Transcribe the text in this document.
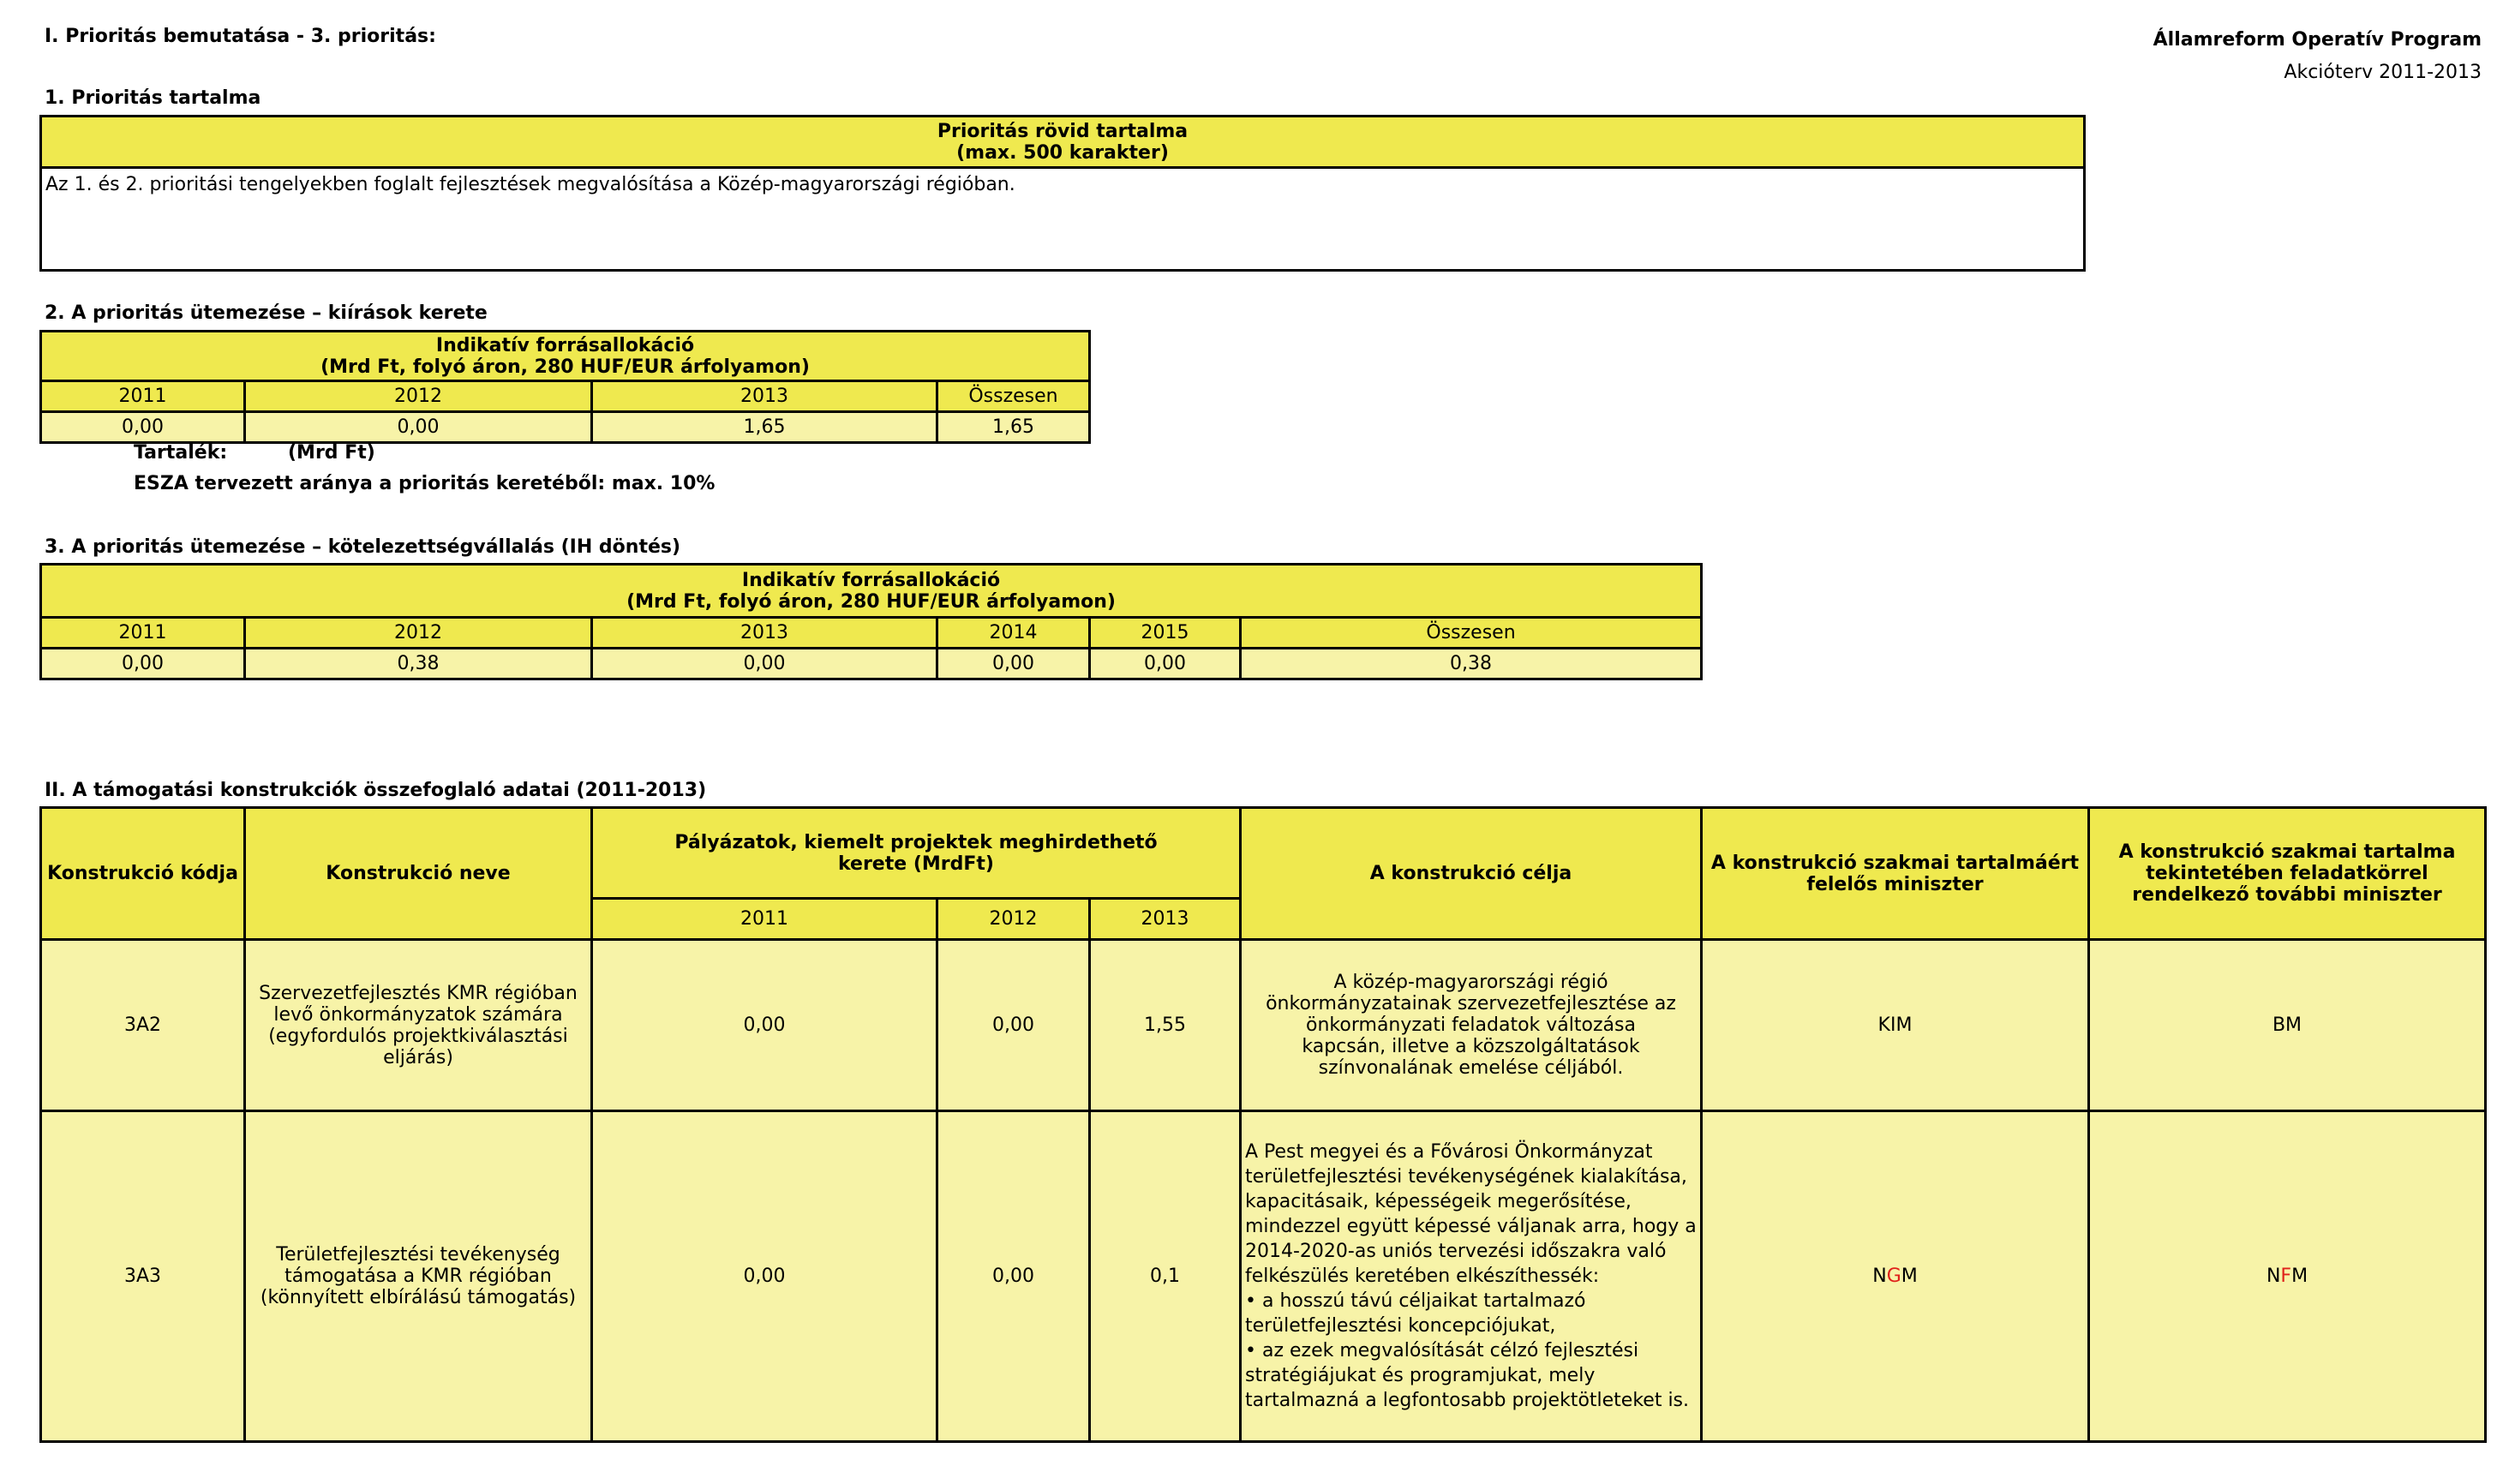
I. Prioritás bemutatása - 3. prioritás:	Államreform Operatív Program
Akcióterv 2011-2013
1. Prioritás tartalma
Prioritás rövid tartalma
(max. 500 karakter)

Az 1. és 2. prioritási tengelyekben foglalt fejlesztések megvalósítása a Közép-magyarországi régióban.
2. A prioritás ütemezése – kiírások kerete
Indikatív forrásallokáció
(Mrd Ft, folyó áron, 280 HUF/EUR árfolyamon)			

2011	2012	2013	Összesen
0,00	0,00	1,65	1,65
Tartalék:	(Mrd Ft)
ESZA tervezett aránya a prioritás keretéből: max. 10%
3. A prioritás ütemezése – kötelezettségvállalás (IH döntés)
Indikatív forrásallokáció
(Mrd Ft, folyó áron, 280 HUF/EUR árfolyamon)					

2011	2012	2013	2014	2015	Összesen
0,00	0,38	0,00	0,00	0,00	0,38
II. A támogatási konstrukciók összefoglaló adatai (2011-2013)
Konstrukció kódja	Konstrukció neve	Pályázatok, kiemelt projektek meghirdethető kerete (MrdFt)			A konstrukció célja	A konstrukció szakmai tartalmáért felelős miniszter	A konstrukció szakmai tartalma tekintetében feladatkörrel rendelkező további miniszter
		2011	2012	2013			
3A2	Szervezetfejlesztés KMR régióban levő önkormányzatok számára (egyfordulós projektkiválasztási eljárás)	0,00	0,00	1,55	A közép-magyarországi régió önkormányzatainak szervezetfejlesztése az önkormányzati feladatok változása kapcsán, illetve a közszolgáltatások színvonalának emelése céljából.	KIM	BM
3A3	Területfejlesztési tevékenység támogatása a KMR régióban (könnyített elbírálású támogatás)	0,00	0,00	0,1	A Pest megyei és a Fővárosi Önkormányzat területfejlesztési tevékenységének kialakítása, kapacitásaik, képességeik megerősítése, mindezzel együtt képessé váljanak arra, hogy a 2014-2020-as uniós tervezési időszakra való felkészülés keretében elkészíthessék:
• a hosszú távú céljaikat tartalmazó területfejlesztési koncepciójukat,
• az ezek megvalósítását célzó fejlesztési stratégiájukat és programjukat, mely tartalmazná a legfontosabb projektötleteket is.	NGM	NFM
